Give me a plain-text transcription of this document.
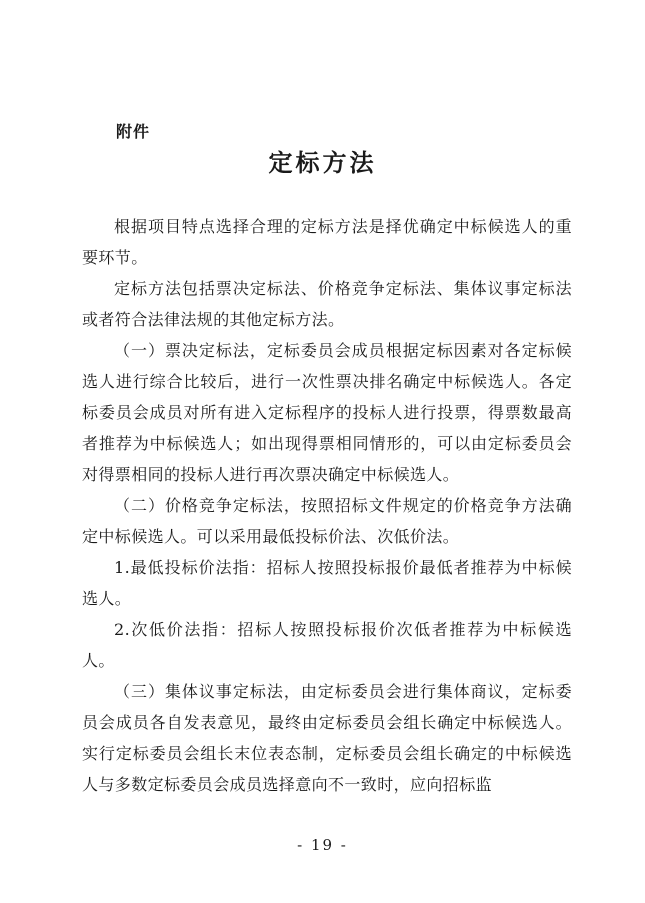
附件
定标方法

根据项目特点选择合理的定标方法是择优确定中标候选人的重要环节。

定标方法包括票决定标法、价格竞争定标法、集体议事定标法或者符合法律法规的其他定标方法。

（一）票决定标法，定标委员会成员根据定标因素对各定标候选人进行综合比较后，进行一次性票决排名确定中标候选人。各定标委员会成员对所有进入定标程序的投标人进行投票，得票数最高者推荐为中标候选人；如出现得票相同情形的，可以由定标委员会对得票相同的投标人进行再次票决确定中标候选人。

（二）价格竞争定标法，按照招标文件规定的价格竞争方法确定中标候选人。可以采用最低投标价法、次低价法。

1.最低投标价法指：招标人按照投标报价最低者推荐为中标候选人。

2.次低价法指：招标人按照投标报价次低者推荐为中标候选人。

（三）集体议事定标法，由定标委员会进行集体商议，定标委员会成员各自发表意见，最终由定标委员会组长确定中标候选人。实行定标委员会组长末位表态制，定标委员会组长确定的中标候选人与多数定标委员会成员选择意向不一致时，应向招标监

- 19 -
